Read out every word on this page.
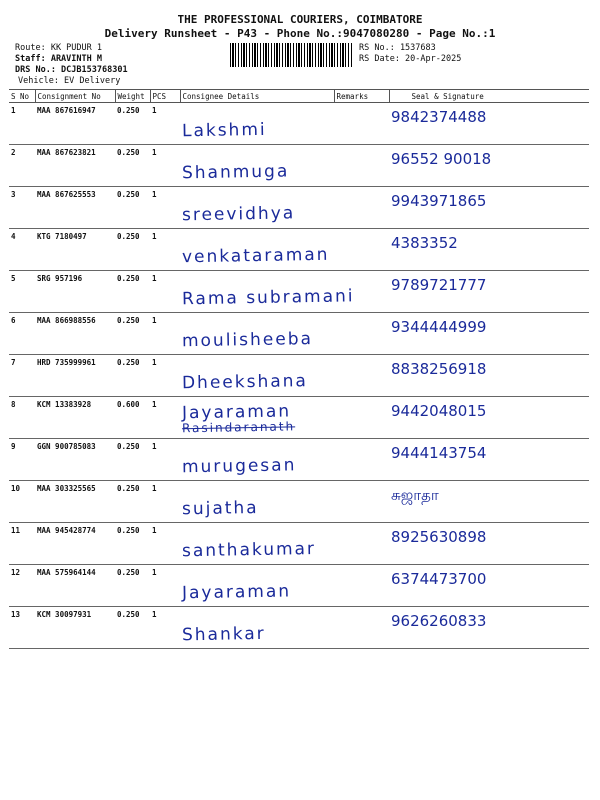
THE PROFESSIONAL COURIERS, COIMBATORE
Delivery Runsheet - P43 - Phone No.:9047080280 - Page No.:1
Route: KK PUDUR 1
Staff: ARAVINTH M
DRS No.: DCJB153768301
Vehicle: EV Delivery
RS No.: 1537683
RS Date: 20-Apr-2025
S No	Consignment No	Weight	PCS	Consignee Details	Remarks	Seal & Signature
1	MAA 867616947	0.250	1	Lakshmi		9842374488

2	MAA 867623821	0.250	1	Shanmuga		96552 90018

3	MAA 867625553	0.250	1	sreevidhya		9943971865

4	KTG 7180497	0.250	1	venkataraman		4383352

5	SRG 957196	0.250	1	Rama subramani		9789721777

6	MAA 866988556	0.250	1	moulisheeba		9344444999

7	HRD 735999961	0.250	1	Dheekshana		8838256918

8	KCM 13383928	0.600	1	Jayaraman
Rasindaranath		9442048015

9	GGN 900785083	0.250	1	murugesan		9444143754

10	MAA 303325565	0.250	1	sujatha		சுஜாதா

11	MAA 945428774	0.250	1	santhakumar		8925630898

12	MAA 575964144	0.250	1	Jayaraman		6374473700

13	KCM 30097931	0.250	1	Shankar		9626260833
